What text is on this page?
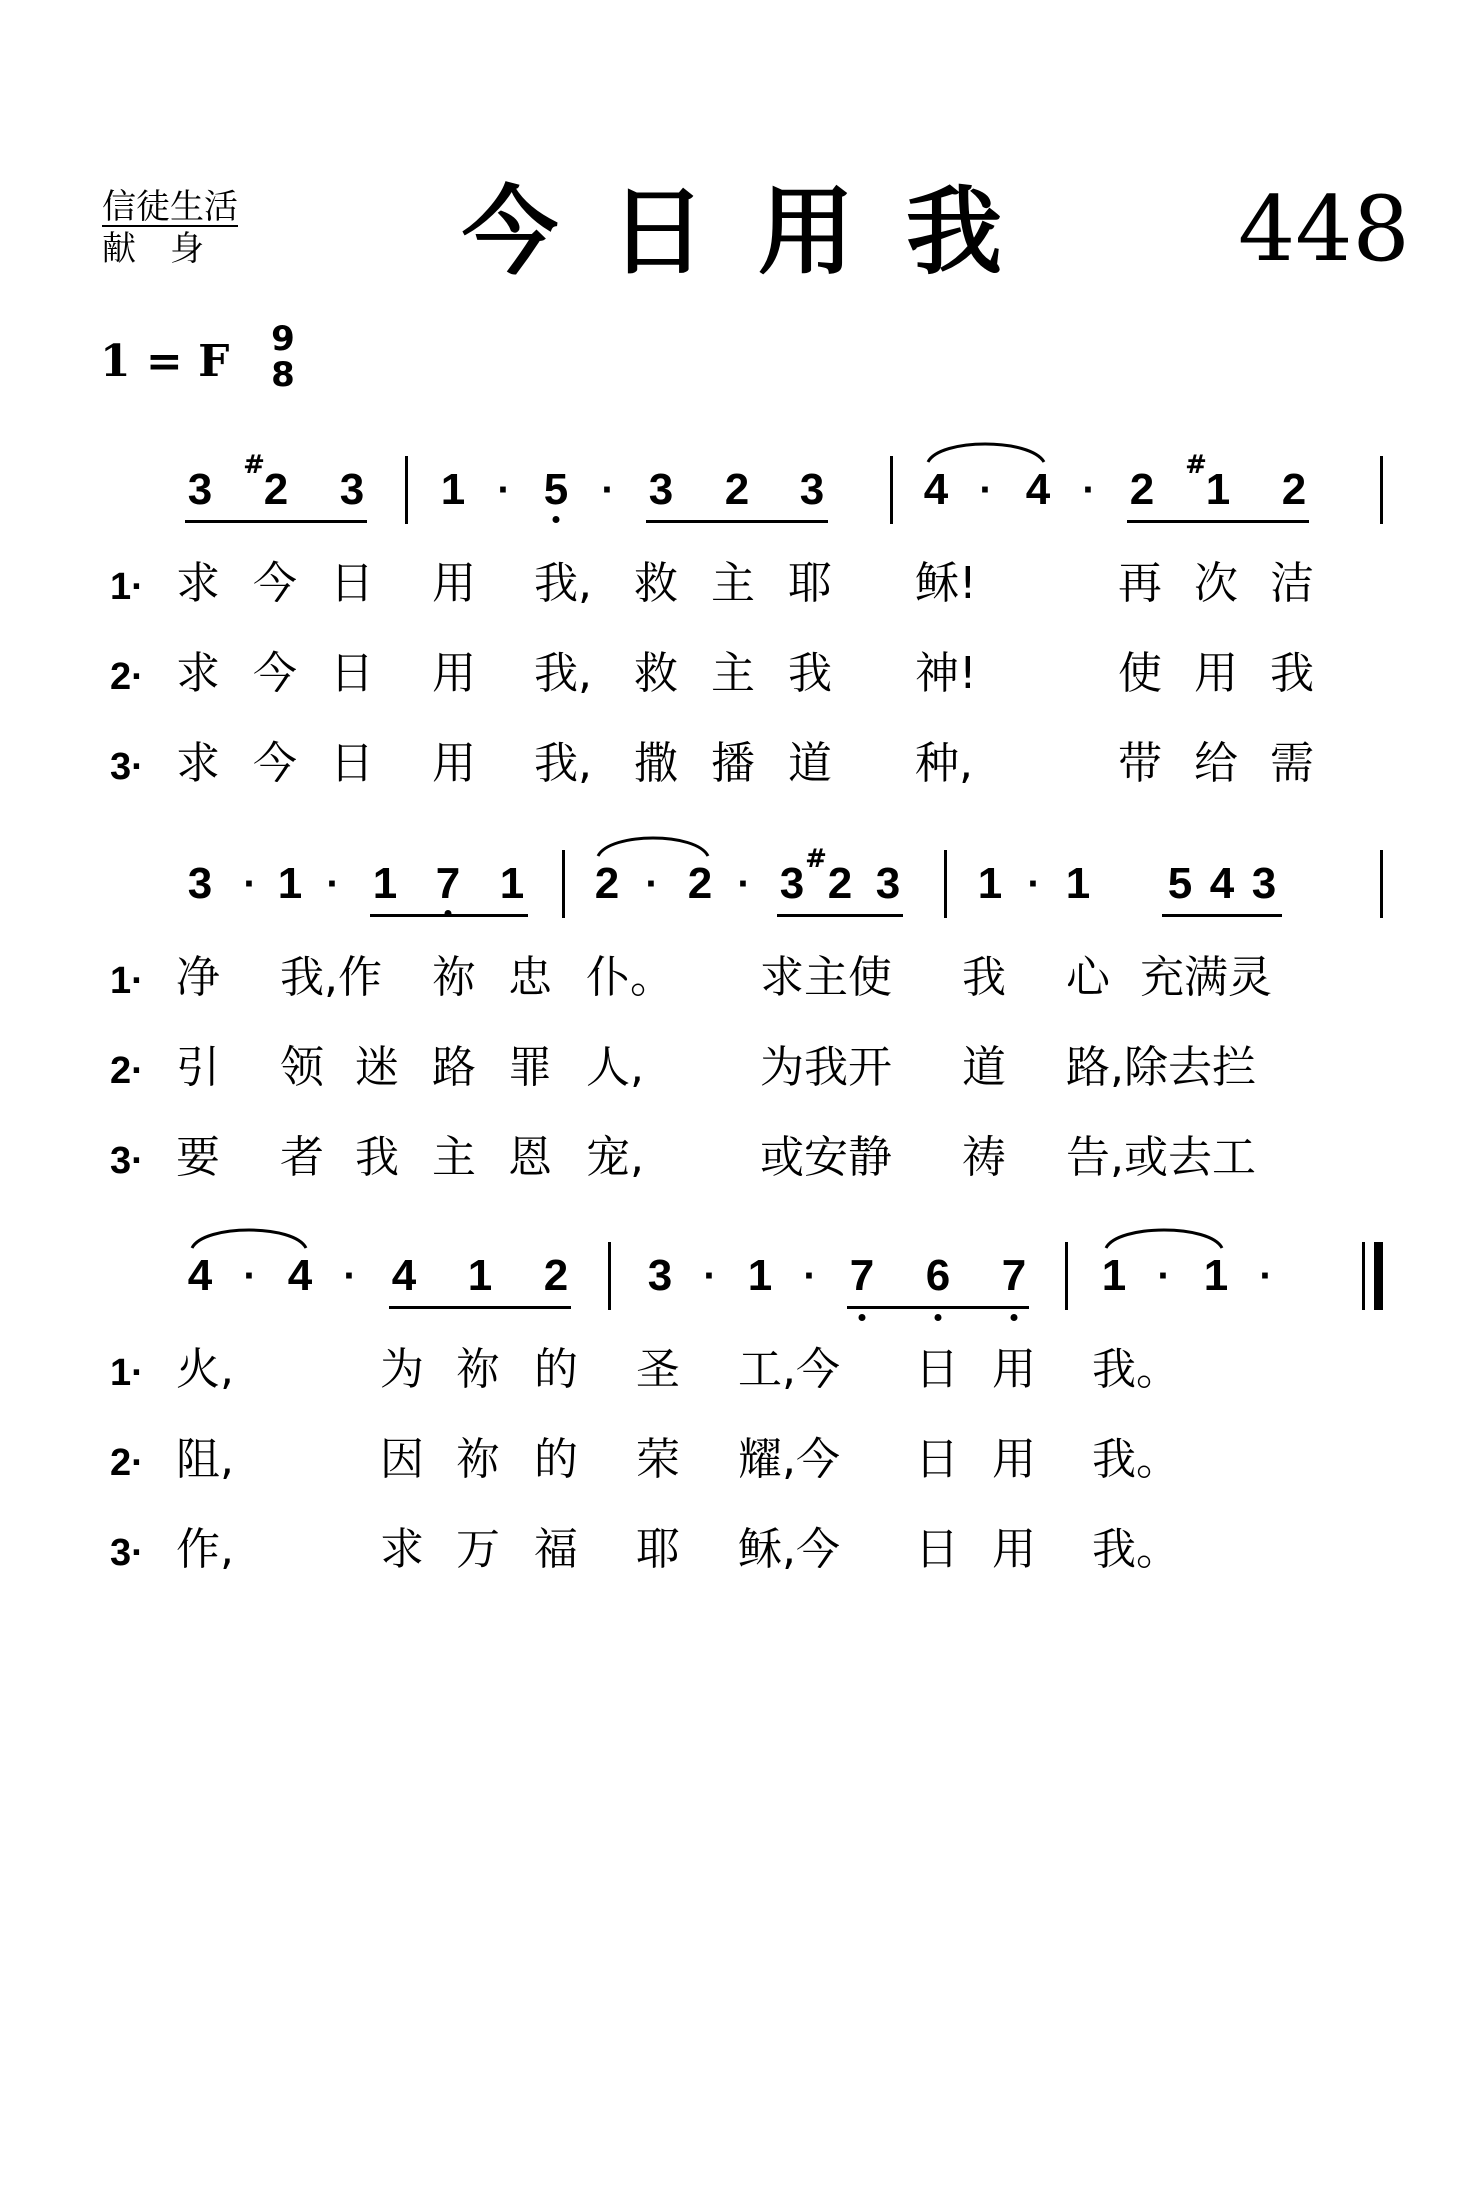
信徒生活
献　身	今日用我 448
1 = F 9
8
3 #
2 3 1 · 5 · 3 2 3 4 · 4 · 2 #
1 2
1· 求 今 日 用 我, 救 主 耶 稣!	再 次 洁
2· 求 今 日 用 我, 救 主 我 神!	使 用 我
3· 求 今 日 用 我, 撒 播 道 种,	带 给 需
3 · 1 · 1 7 1 2 · 2 · 3 # 2 3 1 · 1 5 4 3
1· 净 我,作 祢 忠 仆。 求主使 我 心 充满灵
2· 引 领 迷 路 罪 人,	为我开 道 路,除去拦
3· 要 者 我 主 恩 宠,	或安静 祷 告,或去工
4 · 4 · 4 1 2 3 · 1 · 7 6 7 1 · 1 ·
1· 火,	为 祢 的 圣 工,今 日 用 我。
2· 阻,	因 祢 的 荣 耀,今 日 用 我。
3· 作,	求 万 福 耶 稣,今 日 用 我。
